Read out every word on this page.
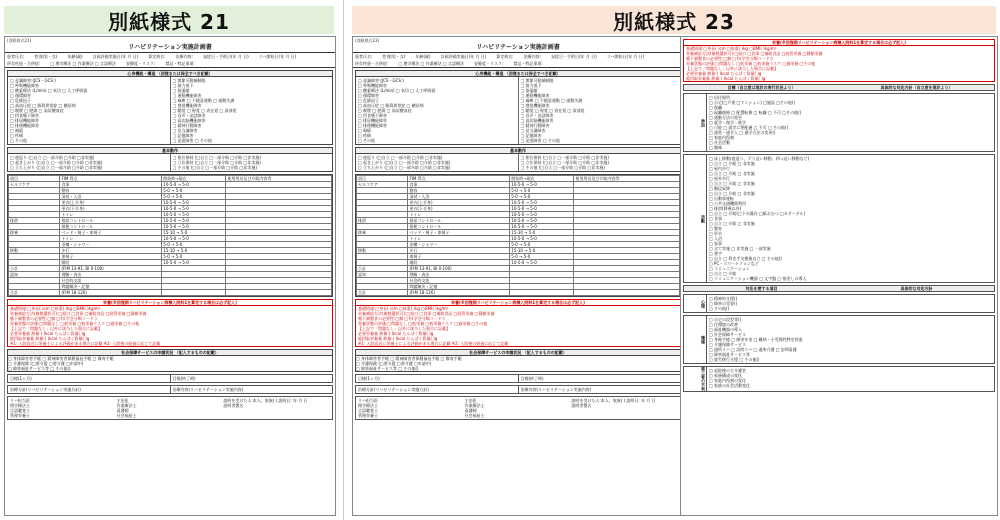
別紙様式 21	別紙様式 23
(別紙様式21)
リハビリテーション実施計画書
患者氏名:	性別(男・女)	年齢(歳)	計画評価実施日(年 月 日)	算定病名:	治療内容:	発症日・手術日(年 月 日)	リハ開始日(年 月 日)
併存疾患・合併症:	□ 理学療法 □ 作業療法 □ 言語療法	安静度・リスク:	禁忌・特記事項:
心身機能・構造 （回復または保全すべき記載）
□ 意識障害:(JCS・GCS:)
□ 呼吸機能障害
□ 酸素療法 (L/min) □ 気切 □ 人工呼吸器
□ 循環障害
□ 危険因子
□ 高血圧症 □ 脂質異常症 □ 糖尿病
□ 喫煙 □ 肥満 □ 高尿酸血症
□ 摂食嚥下障害
□ 排尿機能障害
□ 排便機能障害
□ 褥瘡
□ 疼痛
□ その他
□ 関節可動域制限
□ 筋力低下
□ 筋萎縮
□ 運動機能障害
□ 麻痺 □ 不随意運動 □ 運動失調
□ 感覚機能障害
□ 聴覚 □ 視覚 □ 表在覚 □ 深部覚
□ 音声・発話障害
□ 高次脳機能障害
□ 精神行動障害
□ 見当識障害
□ 記憶障害
□ 発達障害 □ その他
基本動作
□ 寝返り (□自立 □一部介助 □介助 □非実施)
□ 起き上がり (□自立 □一部介助 □介助 □非実施)
□ 立ち上がり (□自立 □一部介助 □介助 □非実施)
□ 座位保持 (□自立 □一部介助 □介助 □非実施)
□ 立位保持 (□自立 □一部介助 □介助 □非実施)
□ その他 (□自立 □一部介助 □介助 □非実施)
項目	FIM 得点	開始時→現在	使用用具及び介助内容等
セルフケア	食事	10-5-0 → 5-0	
	整容	5-0 → 5-0	
	清拭・入浴	5-0 → 5-0	
	更衣(上半身)	10-5-0 → 5-0	
	更衣(下半身)	10-5-0 → 5-0	
	トイレ	10-5-0 → 5-0	
排泄	排尿コントロール	10-5-0 → 5-0	
	排便コントロール	10-5-0 → 5-0	
移乗	ベッド・椅子・車椅子	15-10 → 5-0	
	トイレ	10-5-0 → 5-0	
	浴槽・シャワー	5-0 → 5-0	
移動	歩行	15-10 → 5-0	
	車椅子	5-0 → 5-0	
	階段	10-5-0 → 5-0	
小計	(FIM 13-91, BI 0-100)		
認知	理解・表出		
	社会的交流		
	問題解決・記憶		
合計	(FIM 18-126)		
栄養(※回復期リハビリテーション病棟入院料1を算定する場合は必ず記入)
基礎情報:□身長( )cm □体重( )kg □BMI( )kg/m²
栄養補給方法(複数選択可):□経口 □食事 □補助食品 □経管栄養 □静脈栄養
嚥下調整食の必要性:□無 □有(学会分類コード:)
栄養状態の評価:□問題なし □低栄養 □低栄養リスク □過栄養 □その他
【上記で「問題なし」以外に該当した場合に記載】
必要栄養量 熱量:( )kcal たんぱく質量( )g
総摂取栄養量 熱量:( )kcal たんぱく質量( )g
※1: 入院直近に栄養士による評価がある場合に記載 ※2: 入院後の経過に応じて記載
社会保障サービスの申請状況 （記入するものの記載）
□ 身体障害者手帳 □ 精神障害者保健福祉手帳 □ 療育手帳
□ 介護保険 (□要支援 □要介護 □申請中)
□ 障害福祉サービス等 □ その他()
目標(1ヶ月)	目標(終了時)
治療方針(リハビリテーション実施方針)	治療内容(リハビリテーション実施内容)
リハ担当医
理学療法士
言語聴覚士
管理栄養士
主治医
作業療法士
看護師
社会福祉士
説明を受けた人:本人、家族( ) 説明日: 年 月 日
説明者署名
(別紙様式23)
リハビリテーション実施計画書
患者氏名:	性別(男・女)	年齢(歳)	計画評価実施日(年 月 日)	算定病名:	治療内容:	発症日・手術日(年 月 日)	リハ開始日(年 月 日)
併存疾患・合併症:	□ 理学療法 □ 作業療法 □ 言語療法	安静度・リスク:	禁忌・特記事項:
心身機能・構造 （回復または保全すべき記載）
□ 意識障害:(JCS・GCS:)
□ 呼吸機能障害
□ 酸素療法 (L/min) □ 気切 □ 人工呼吸器
□ 循環障害
□ 危険因子
□ 高血圧症 □ 脂質異常症 □ 糖尿病
□ 喫煙 □ 肥満 □ 高尿酸血症
□ 摂食嚥下障害
□ 排尿機能障害
□ 排便機能障害
□ 褥瘡
□ 疼痛
□ その他
□ 関節可動域制限
□ 筋力低下
□ 筋萎縮
□ 運動機能障害
□ 麻痺 □ 不随意運動 □ 運動失調
□ 感覚機能障害
□ 聴覚 □ 視覚 □ 表在覚 □ 深部覚
□ 音声・発話障害
□ 高次脳機能障害
□ 精神行動障害
□ 見当識障害
□ 記憶障害
□ 発達障害 □ その他
基本動作
□ 寝返り (□自立 □一部介助 □介助 □非実施)
□ 起き上がり (□自立 □一部介助 □介助 □非実施)
□ 立ち上がり (□自立 □一部介助 □介助 □非実施)
□ 座位保持 (□自立 □一部介助 □介助 □非実施)
□ 立位保持 (□自立 □一部介助 □介助 □非実施)
□ その他 (□自立 □一部介助 □介助 □非実施)
項目	FIM 得点	開始時→現在	使用用具及び介助内容等
セルフケア	食事	10-5-0 → 5-0	
	整容	5-0 → 5-0	
	清拭・入浴	5-0 → 5-0	
	更衣(上半身)	10-5-0 → 5-0	
	更衣(下半身)	10-5-0 → 5-0	
	トイレ	10-5-0 → 5-0	
排泄	排尿コントロール	10-5-0 → 5-0	
	排便コントロール	10-5-0 → 5-0	
移乗	ベッド・椅子・車椅子	15-10 → 5-0	
	トイレ	10-5-0 → 5-0	
	浴槽・シャワー	5-0 → 5-0	
移動	歩行	15-10 → 5-0	
	車椅子	5-0 → 5-0	
	階段	10-5-0 → 5-0	
小計	(FIM 13-91, BI 0-100)		
認知	理解・表出		
	社会的交流		
	問題解決・記憶		
合計	(FIM 18-126)		
栄養(※回復期リハビリテーション病棟入院料1を算定する場合は必ず記入)
基礎情報:□身長( )cm □体重( )kg □BMI( )kg/m²
栄養補給方法(複数選択可):□経口 □食事 □補助食品 □経管栄養 □静脈栄養
嚥下調整食の必要性:□無 □有(学会分類コード:)
栄養状態の評価:□問題なし □低栄養 □低栄養リスク □過栄養 □その他
【上記で「問題なし」以外に該当した場合に記載】
必要栄養量 熱量:( )kcal たんぱく質量( )g
総摂取栄養量 熱量:( )kcal たんぱく質量( )g
※1: 入院直近に栄養士による評価がある場合に記載 ※2: 入院後の経過に応じて記載
社会保障サービスの申請状況 （記入するものの記載）
□ 身体障害者手帳 □ 精神障害者保健福祉手帳 □ 療育手帳
□ 介護保険 (□要支援 □要介護 □申請中)
□ 障害福祉サービス等 □ その他()
目標(1ヶ月)	目標(終了時)
治療方針(リハビリテーション実施方針)	治療内容(リハビリテーション実施内容)
リハ担当医
理学療法士
言語聴覚士
管理栄養士
主治医
作業療法士
看護師
社会福祉士
説明を受けた人:本人、家族( ) 説明日: 年 月 日
説明者署名
栄養(※回復期リハビリテーション病棟入院料1を算定する場合は必ず記入)
基礎情報:□身長( )cm □体重( )kg □BMI( )kg/m²
栄養補給方法(複数選択可):□経口 □食事 □補助食品 □経管栄養 □静脈栄養
嚥下調整食の必要性:□無 □有(学会分類コード:)
栄養状態の評価:□問題なし □低栄養 □低栄養リスク □過栄養 □その他
【上記で「問題なし」以外に該当した場合に記載】
必要栄養量 熱量:( )kcal たんぱく質量( )g
総摂取栄養量 熱量:( )kcal たんぱく質量( )g
目標（自立度は現状の実行状況より）	具体的な対応方針（自立度を現状より）
参加
□ 居住場所
□ 自宅(□戸建 □マンション) □施設 □その他()
□ 復職
□ 現職復帰 □ 配置転換 □ 転職 □ 不可 □その他()
□ 通勤方法の変更
□ 就学・復学・進学
□ 可能 □ 就学に要配慮 □ 不可 □ その他()
□ 通常・通学入 □ 通学方法の変更()
□ 家庭内役割
□ 社会活動
□ 趣味
活動
□ 床上移動(寝返り、ずり這い移動、四つ這い移動など)
□ 自立 □ 介助 □ 非実施
□ 屋内歩行
□ 自立 □ 介助 □ 非実施
□ 屋外歩行
□ 自立 □ 介助 □ 非実施
□ 階段昇降
□ 自立 □ 介助 □ 非実施
□ 自動車運転
□ 公共交通機関利用
□ 排泄(移乗以外)
□ 自立 □ 介助(□下衣操作 □紙おむつ □カテーテル)
□ 食事
□ 自立 □ 介助 □ 非実施
□ 整容
□ 更衣
□ 入浴
□ 家事
□ 全て実施 □ 非実施 □ 一部実施
□ 書字
□ 自立 □ 利き手交換後自立 □ その他()
□ PC・スマートフォンなど
□ コミュニケーション
□ 自立 □ 介助
□ コミュニケーション機器 □ 文字盤 □ 指差しの導入
対応を要する項目	具体的な対応方針
心理
□ 精神的支援()
□ 障害の受容()
□ その他()
環境
□ 自宅の段差等()
□ 住環境の改善
□ 福祉機器の導入
□ 社会保障サービス
□ 身障手帳 □ 障害年金 □ 難病・小児慢性特定疾患
□ 介護保険サービス
□ 通所リハ □ 訪問リハ □ 通所介護 □ 訪問看護
□ 障害福祉サービス等
□ 就労移行支援 □ その他()
第三者の不利 □ 退院後の主介護者
□ 家族構成の変化
□ 家庭内役割の変化
□ 家族の社会活動変化
